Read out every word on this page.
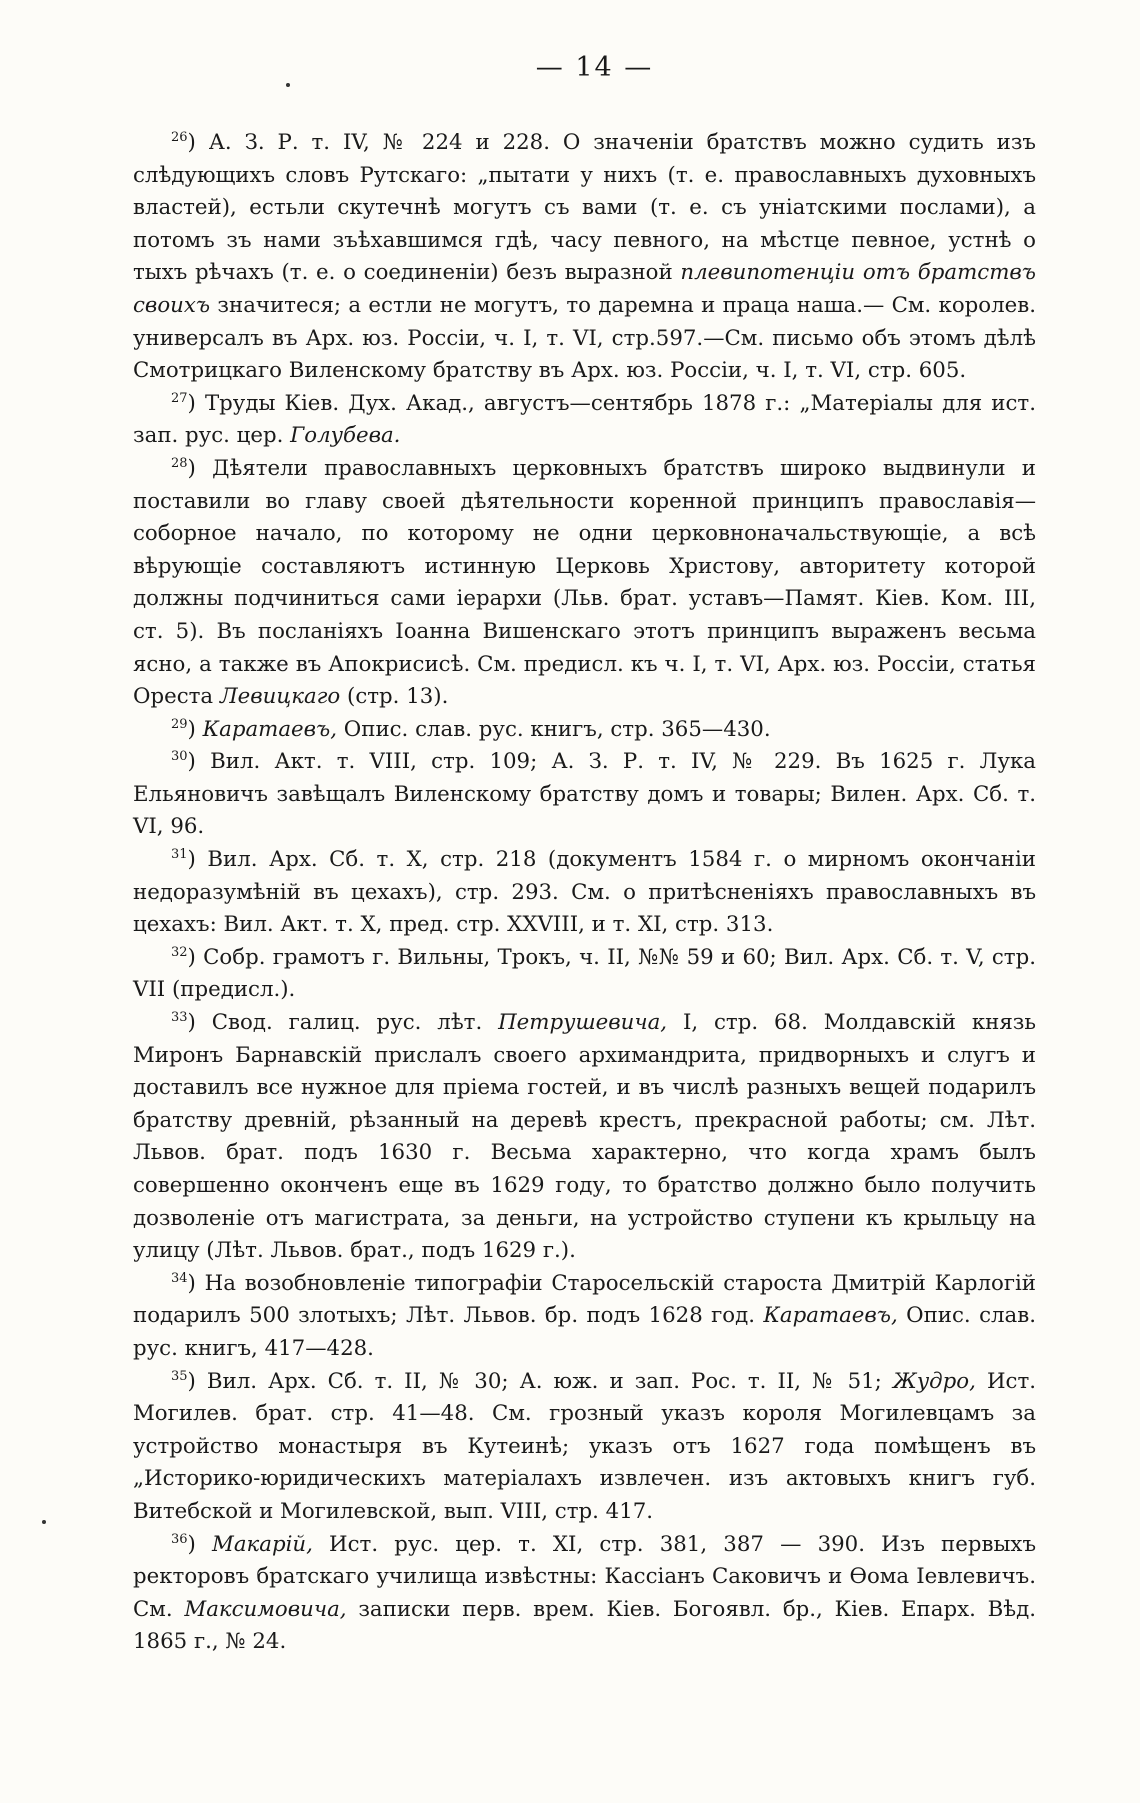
— 14 —

$^{26}$) А. З. Р. т. IV, № 224 и 228. О значеніи братствъ можно судить изъ слѣдующихъ словъ Рутскаго: „пытати у нихъ (т. е. православныхъ духовныхъ властей), естьли скутечнѣ могутъ съ вами (т. е. съ уніатскими послами), а потомъ зъ нами зъѣхавшимся гдѣ, часу певного, на мѣстце певное, устнѣ о тыхъ рѣчахъ (т. е. о соединеніи) безъ выразной плевипотенціи отъ братствъ своихъ значитеся; а естли не могутъ, то даремна и праца наша.— См. королев. универсалъ въ Арх. юз. Россіи, ч. I, т. VI, стр.597.—См. письмо объ этомъ дѣлѣ Смотрицкаго Виленскому братству въ Арх. юз. Россіи, ч. I, т. VI, стр. 605.

$^{27}$) Труды Кіев. Дух. Акад., августъ—сентябрь 1878 г.: „Матеріалы для ист. зап. рус. цер. Голубева.

$^{28}$) Дѣятели православныхъ церковныхъ братствъ широко выдвинули и поставили во главу своей дѣятельности коренной принципъ православія— соборное начало, по которому не одни церковноначальствующіе, а всѣ вѣрующіе составляютъ истинную Церковь Христову, авторитету которой должны подчиниться сами іерархи (Льв. брат. уставъ—Памят. Кіев. Ком. III, ст. 5). Въ посланіяхъ Іоанна Вишенскаго этотъ принципъ выраженъ весьма ясно, а также въ Апокрисисѣ. См. предисл. къ ч. I, т. VI, Арх. юз. Россіи, статья Ореста Левицкаго (стр. 13).

$^{29}$) Каратаевъ, Опис. слав. рус. книгъ, стр. 365—430.

$^{30}$) Вил. Акт. т. VIII, стр. 109; А. З. Р. т. IV, № 229. Въ 1625 г. Лука Ельяновичъ завѣщалъ Виленскому братству домъ и товары; Вилен. Арх. Сб. т. VI, 96.

$^{31}$) Вил. Арх. Сб. т. X, стр. 218 (документъ 1584 г. о мирномъ окончаніи недоразумѣній въ цехахъ), стр. 293. См. о притѣсненіяхъ православныхъ въ цехахъ: Вил. Акт. т. X, пред. стр. XXVIII, и т. XI, стр. 313.

$^{32}$) Собр. грамотъ г. Вильны, Трокъ, ч. II, №№ 59 и 60; Вил. Арх. Сб. т. V, стр. VII (предисл.).

$^{33}$) Свод. галиц. рус. лѣт. Петрушевича, I, стр. 68. Молдавскій князь Миронъ Барнавскій прислалъ своего архимандрита, придворныхъ и слугъ и доставилъ все нужное для пріема гостей, и въ числѣ разныхъ вещей подарилъ братству древній, рѣзанный на деревѣ крестъ, прекрасной работы; см. Лѣт. Львов. брат. подъ 1630 г. Весьма характерно, что когда храмъ былъ совершенно оконченъ еще въ 1629 году, то братство должно было получить дозволеніе отъ магистрата, за деньги, на устройство ступени къ крыльцу на улицу (Лѣт. Львов. брат., подъ 1629 г.).

$^{34}$) На возобновленіе типографіи Старосельскій староста Дмитрій Карлогій подарилъ 500 злотыхъ; Лѣт. Львов. бр. подъ 1628 год. Каратаевъ, Опис. слав. рус. книгъ, 417—428.

$^{35}$) Вил. Арх. Сб. т. II, № 30; А. юж. и зап. Рос. т. II, № 51; Жудро, Ист. Могилев. брат. стр. 41—48. См. грозный указъ короля Могилевцамъ за устройство монастыря въ Кутеинѣ; указъ отъ 1627 года помѣщенъ въ „Историко-юридическихъ матеріалахъ извлечен. изъ актовыхъ книгъ губ. Витебской и Могилевской, вып. VIII, стр. 417.

$^{36}$) Макарій, Ист. рус. цер. т. XI, стр. 381, 387 — 390. Изъ первыхъ ректоровъ братскаго училища извѣстны: Кассіанъ Саковичъ и Ѳома Іевлевичъ. См. Максимовича, записки перв. врем. Кіев. Богоявл. бр., Кіев. Епарх. Вѣд. 1865 г., № 24.
